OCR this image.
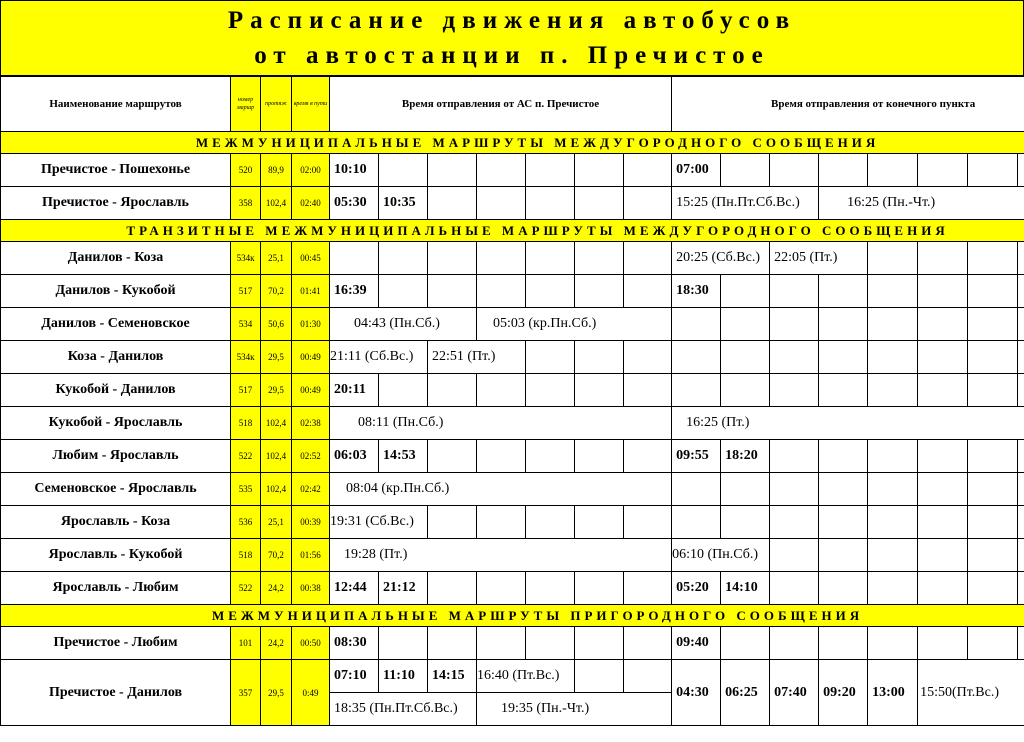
Расписание движения автобусов
от автостанции п. Пречистое
Наименование маршрутов	номер маршр	протяж	время в пути	Время отправления от АС п. Пречистое							Время отправления от конечного пункта							
МЕЖМУНИЦИПАЛЬНЫЕ МАРШРУТЫ МЕЖДУГОРОДНОГО СООБЩЕНИЯ																		
Пречистое - Пошехонье	520	89,9	02:00	10:10							07:00							
Пречистое - Ярославль	358	102,4	02:40	05:30	10:35						15:25 (Пн.Пт.Сб.Вс.)			16:25 (Пн.-Чт.)				
ТРАНЗИТНЫЕ МЕЖМУНИЦИПАЛЬНЫЕ МАРШРУТЫ МЕЖДУГОРОДНОГО СООБЩЕНИЯ																		
Данилов - Коза	534к	25,1	00:45								20:25 (Сб.Вс.)		22:05 (Пт.)					
Данилов - Кукобой	517	70,2	01:41	16:39							18:30							
Данилов - Семеновское	534	50,6	01:30	04:43 (Пн.Сб.)			05:03 (кр.Пн.Сб.)											
Коза - Данилов	534к	29,5	00:49	21:11 (Сб.Вс.)		22:51 (Пт.)												
Кукобой - Данилов	517	29,5	00:49	20:11														
Кукобой - Ярославль	518	102,4	02:38	08:11 (Пн.Сб.)							16:25 (Пт.)							
Любим - Ярославль	522	102,4	02:52	06:03	14:53						09:55	18:20						
Семеновское - Ярославль	535	102,4	02:42	08:04 (кр.Пн.Сб.)														
Ярославль - Коза	536	25,1	00:39	19:31 (Сб.Вс.)														
Ярославль - Кукобой	518	70,2	01:56	19:28 (Пт.)							06:10 (Пн.Сб.)							
Ярославль - Любим	522	24,2	00:38	12:44	21:12						05:20	14:10						
МЕЖМУНИЦИПАЛЬНЫЕ МАРШРУТЫ ПРИГОРОДНОГО СООБЩЕНИЯ																		
Пречистое - Любим	101	24,2	00:50	08:30							09:40							
Пречистое - Данилов	357	29,5	0:49	07:10	11:10	14:15	16:40 (Пт.Вс.)				04:30	06:25	07:40	09:20	13:00	15:50(Пт.Вс.)		
				18:35 (Пн.Пт.Сб.Вс.)			19:35 (Пн.-Чт.)											
